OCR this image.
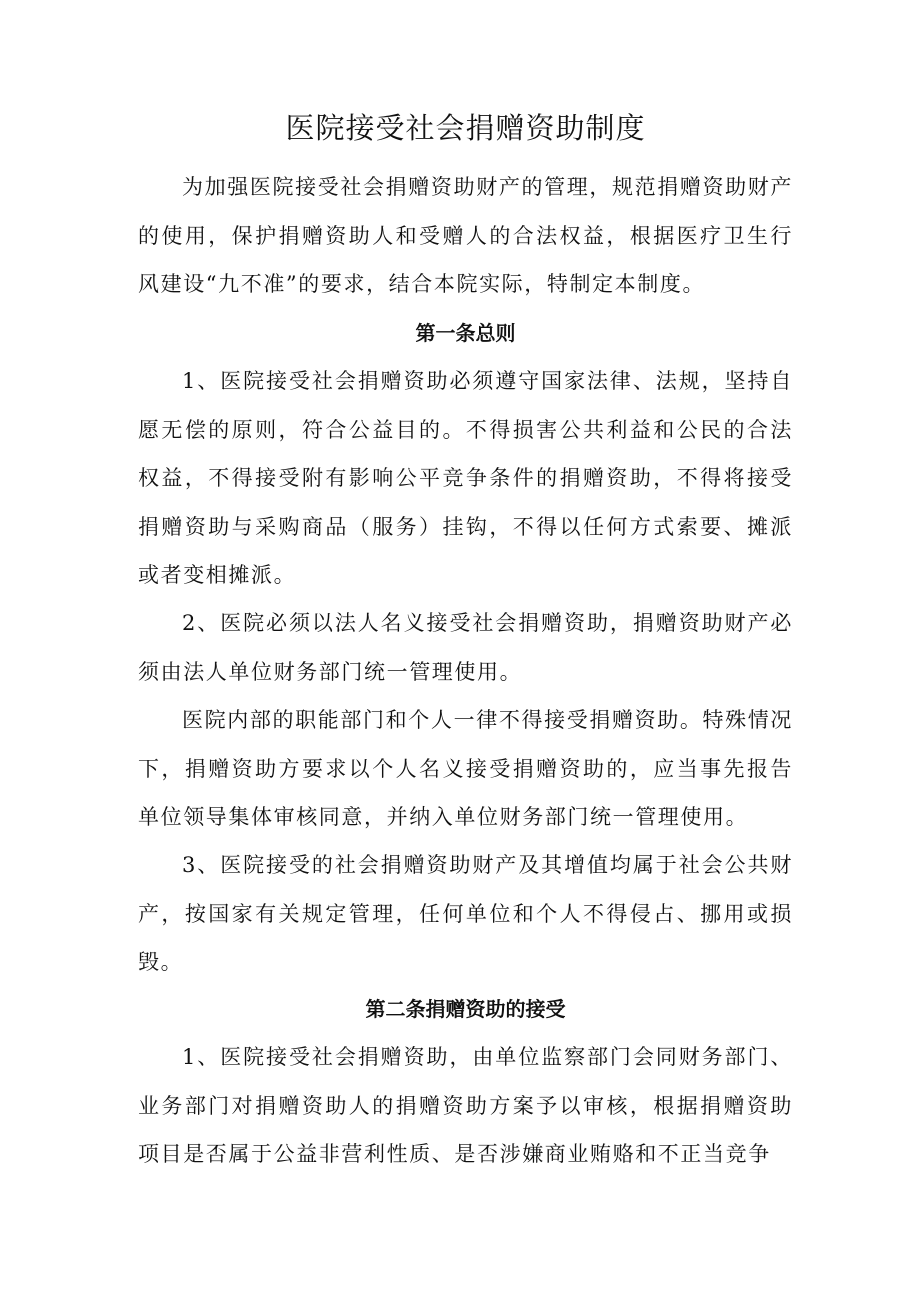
医院接受社会捐赠资助制度

为加强医院接受社会捐赠资助财产的管理，规范捐赠资助财产的使用，保护捐赠资助人和受赠人的合法权益，根据医疗卫生行风建设“九不准”的要求，结合本院实际，特制定本制度。

第一条总则

1、医院接受社会捐赠资助必须遵守国家法律、法规，坚持自愿无偿的原则，符合公益目的。不得损害公共利益和公民的合法权益，不得接受附有影响公平竞争条件的捐赠资助，不得将接受捐赠资助与采购商品（服务）挂钩，不得以任何方式索要、摊派或者变相摊派。

2、医院必须以法人名义接受社会捐赠资助，捐赠资助财产必须由法人单位财务部门统一管理使用。

医院内部的职能部门和个人一律不得接受捐赠资助。特殊情况下，捐赠资助方要求以个人名义接受捐赠资助的，应当事先报告单位领导集体审核同意，并纳入单位财务部门统一管理使用。

3、医院接受的社会捐赠资助财产及其增值均属于社会公共财产，按国家有关规定管理，任何单位和个人不得侵占、挪用或损毁。

第二条捐赠资助的接受

1、医院接受社会捐赠资助，由单位监察部门会同财务部门、业务部门对捐赠资助人的捐赠资助方案予以审核，根据捐赠资助项目是否属于公益非营利性质、是否涉嫌商业贿赂和不正当竞争
